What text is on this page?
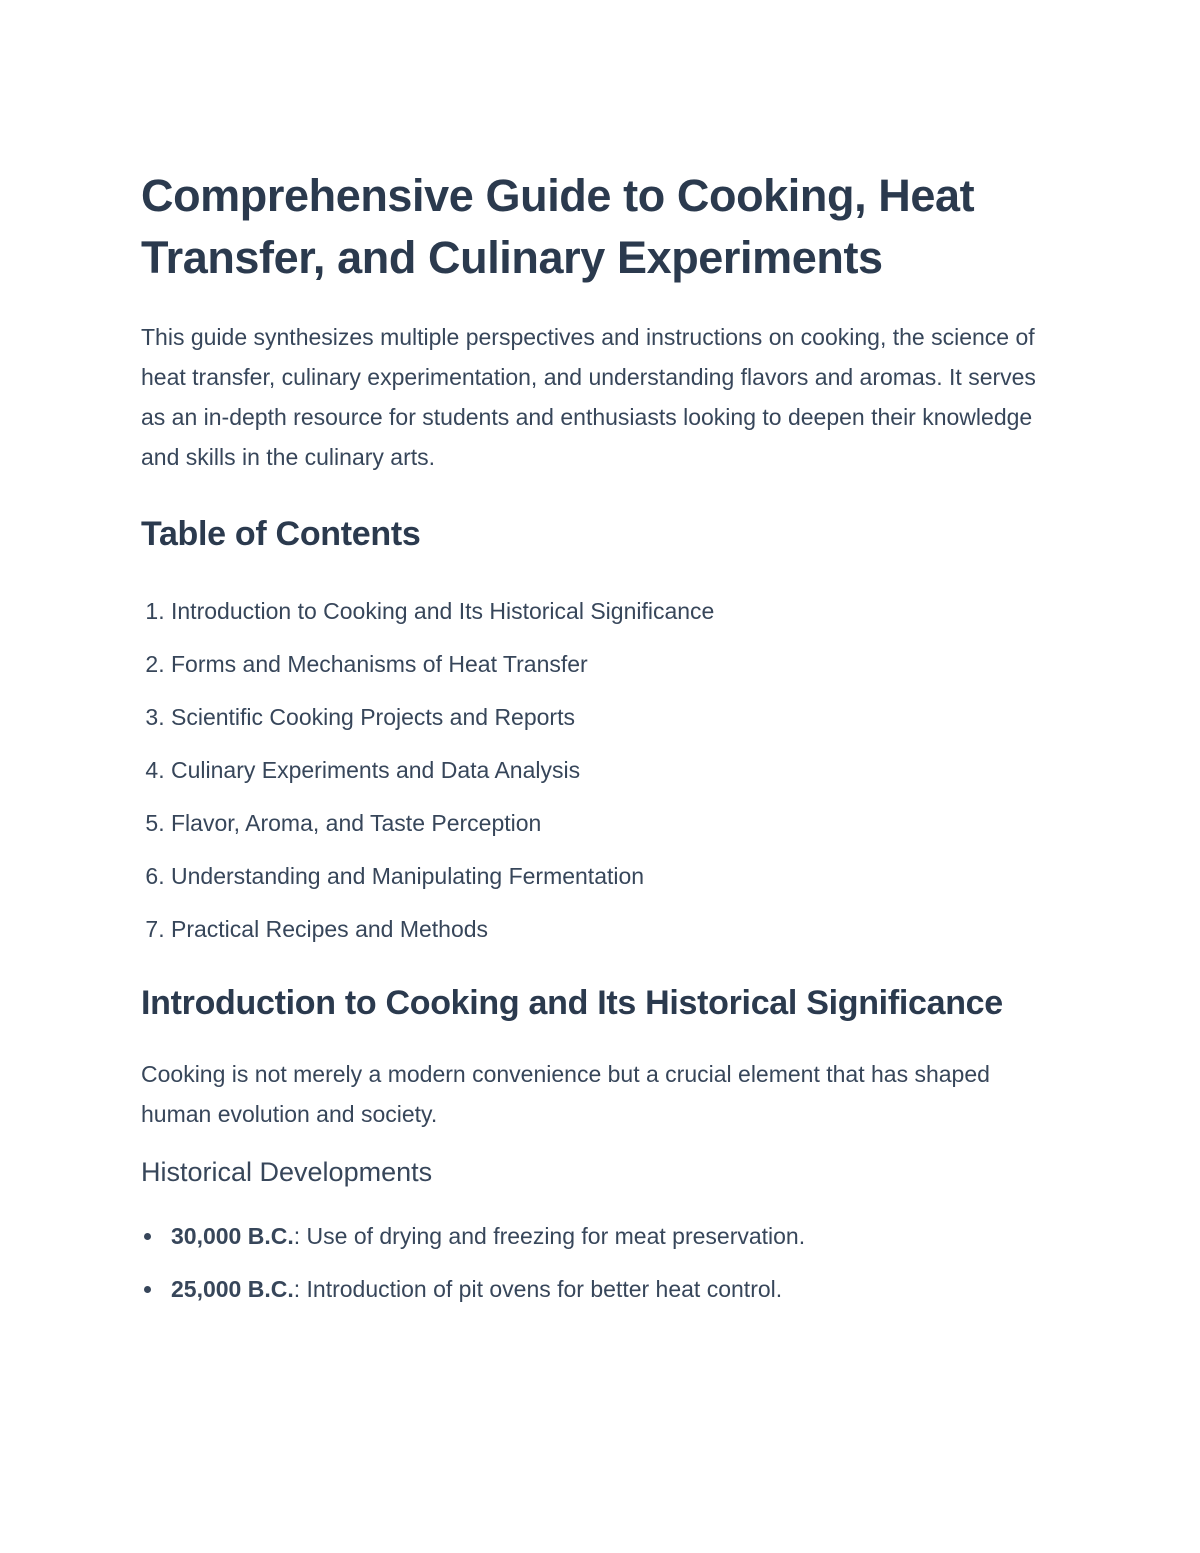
Comprehensive Guide to Cooking, Heat Transfer, and Culinary Experiments

This guide synthesizes multiple perspectives and instructions on cooking, the science of heat transfer, culinary experimentation, and understanding flavors and aromas. It serves as an in-depth resource for students and enthusiasts looking to deepen their knowledge and skills in the culinary arts.

Table of Contents
1 . Introduction to Cooking and Its Historical Significance
2 . Forms and Mechanisms of Heat Transfer
3 . Scientific Cooking Projects and Reports
4 . Culinary Experiments and Data Analysis
5 . Flavor, Aroma, and Taste Perception
6 . Understanding and Manipulating Fermentation
7 . Practical Recipes and Methods
Introduction to Cooking and Its Historical Significance

Cooking is not merely a modern convenience but a crucial element that has shaped human evolution and society.

Historical Developments
30,000 B.C.: Use of drying and freezing for meat preservation.
25,000 B.C.: Introduction of pit ovens for better heat control.
